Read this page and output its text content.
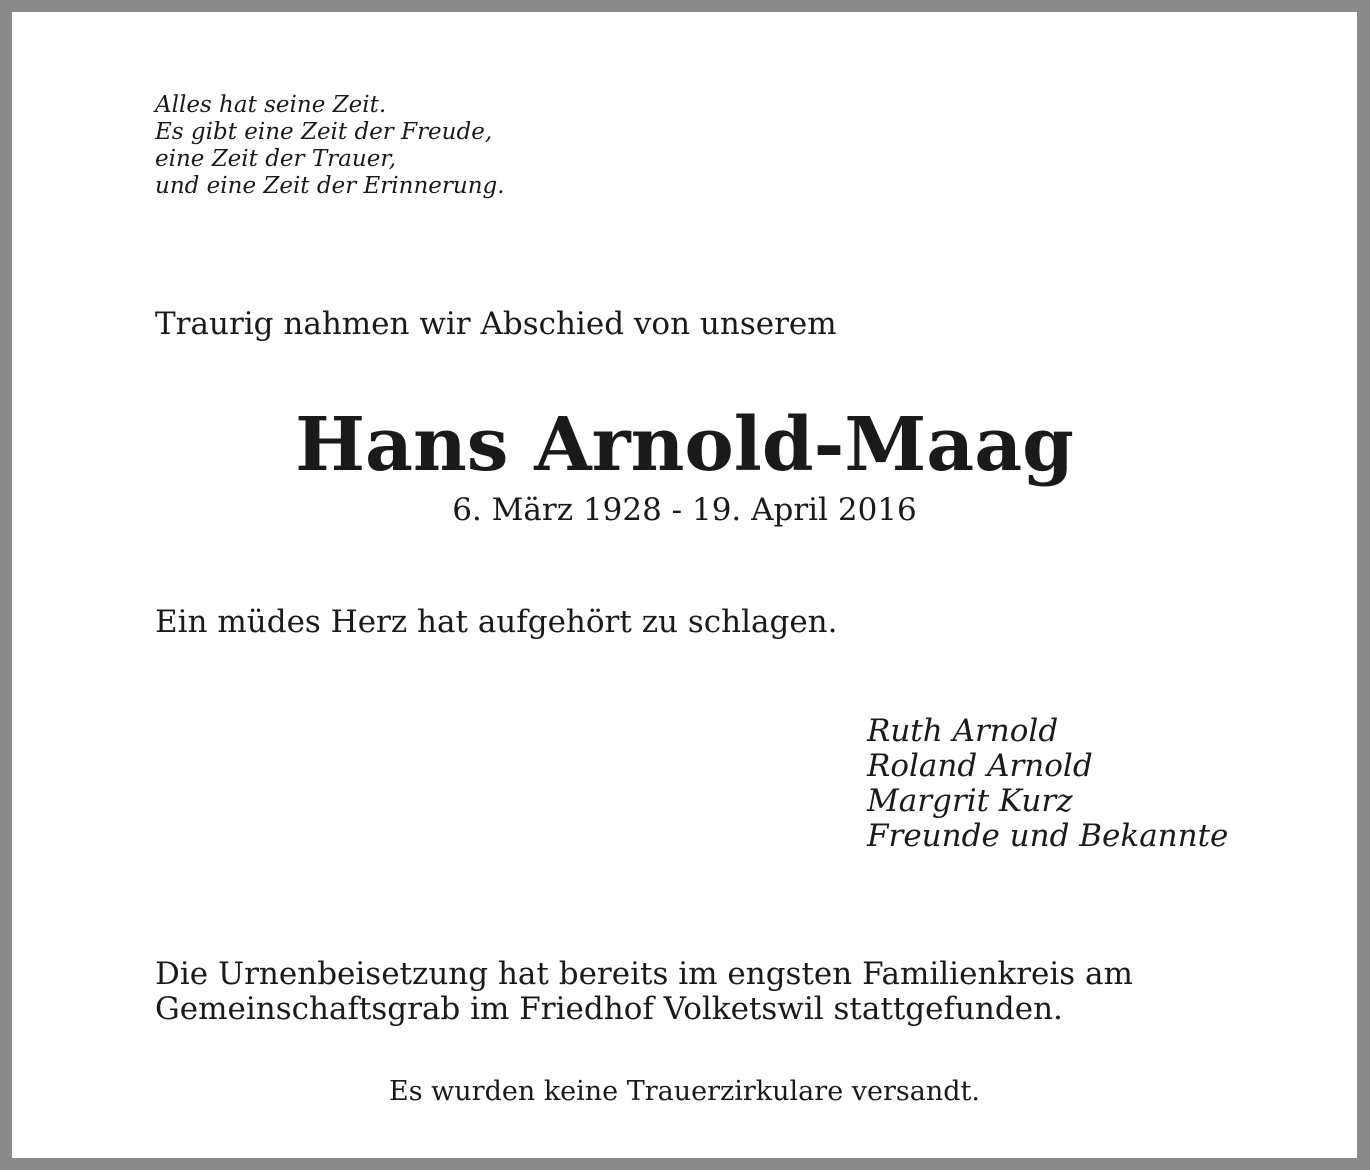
Alles hat seine Zeit.
Es gibt eine Zeit der Freude,
eine Zeit der Trauer,
und eine Zeit der Erinnerung.

Traurig nahmen wir Abschied von unserem

Hans Arnold-Maag

6. März 1928 - 19. April 2016

Ein müdes Herz hat aufgehört zu schlagen.

Ruth Arnold
Roland Arnold
Margrit Kurz
Freunde und Bekannte
Die Urnenbeisetzung hat bereits im engsten Familienkreis am
Gemeinschaftsgrab im Friedhof Volketswil stattgefunden.

Es wurden keine Trauerzirkulare versandt.
